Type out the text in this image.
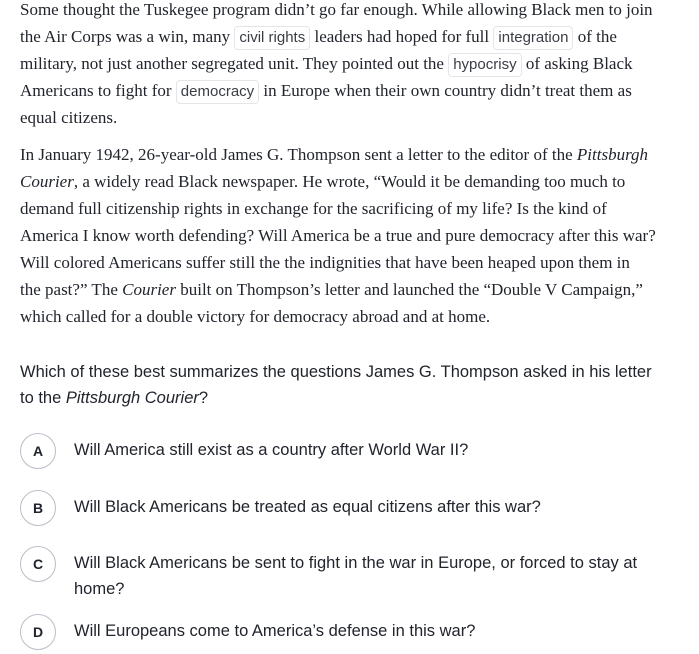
Some thought the Tuskegee program didn’t go far enough. While allowing Black men to join
the Air Corps was a win, many civil rights leaders had hoped for full integration of the
military, not just another segregated unit. They pointed out the hypocrisy of asking Black
Americans to fight for democracy in Europe when their own country didn’t treat them as
equal citizens.

In January 1942, 26-year-old James G. Thompson sent a letter to the editor of the Pittsburgh
Courier, a widely read Black newspaper. He wrote, “Would it be demanding too much to
demand full citizenship rights in exchange for the sacrificing of my life? Is the kind of
America I know worth defending? Will America be a true and pure democracy after this war?
Will colored Americans suffer still the the indignities that have been heaped upon them in
the past?” The Courier built on Thompson’s letter and launched the “Double V Campaign,”
which called for a double victory for democracy abroad and at home.

Which of these best summarizes the questions James G. Thompson asked in his letter
to the Pittsburgh Courier?
A	Will America still exist as a country after World War II?
B	Will Black Americans be treated as equal citizens after this war?
C	Will Black Americans be sent to fight in the war in Europe, or forced to stay at home?
D	Will Europeans come to America’s defense in this war?
